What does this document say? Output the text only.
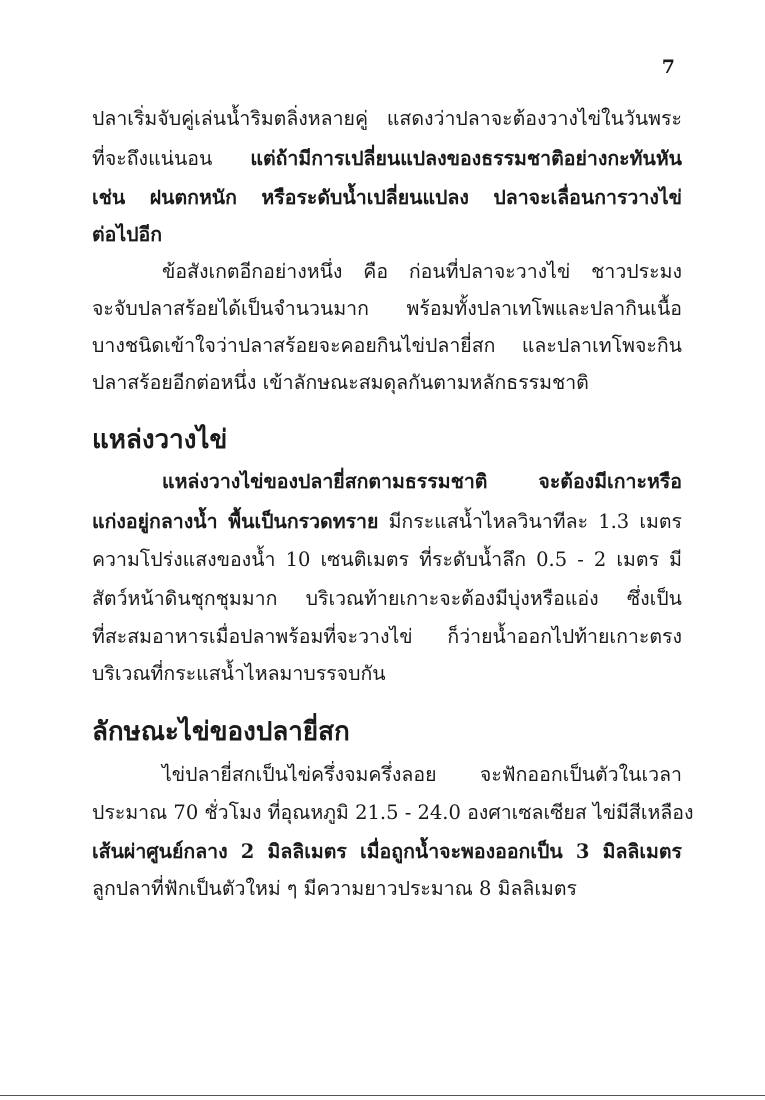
7
ปลาเริ่มจับคู่เล่นน้ำริมตลิ่งหลายคู่ แสดงว่าปลาจะต้องวางไข่ในวันพระ
ที่จะถึงแน่นอน แต่ถ้ามีการเปลี่ยนแปลงของธรรมชาติอย่างกะทันหัน
เช่น ฝนตกหนัก หรือระดับน้ำเปลี่ยนแปลง ปลาจะเลื่อนการวางไข่
ต่อไปอีก
ข้อสังเกตอีกอย่างหนึ่ง คือ ก่อนที่ปลาจะวางไข่ ชาวประมง
จะจับปลาสร้อยได้เป็นจำนวนมาก พร้อมทั้งปลาเทโพและปลากินเนื้อ
บางชนิดเข้าใจว่าปลาสร้อยจะคอยกินไข่ปลายี่สก และปลาเทโพจะกิน
ปลาสร้อยอีกต่อหนึ่ง เข้าลักษณะสมดุลกันตามหลักธรรมชาติ
แหล่งวางไข่
แหล่งวางไข่ของปลายี่สกตามธรรมชาติ จะต้องมีเกาะหรือ
แก่งอยู่กลางน้ำ พื้นเป็นกรวดทราย มีกระแสน้ำไหลวินาทีละ 1.3 เมตร
ความโปร่งแสงของน้ำ 10 เซนติเมตร ที่ระดับน้ำลึก 0.5 - 2 เมตร มี
สัตว์หน้าดินชุกชุมมาก บริเวณท้ายเกาะจะต้องมีบุ่งหรือแอ่ง ซึ่งเป็น
ที่สะสมอาหารเมื่อปลาพร้อมที่จะวางไข่ ก็ว่ายน้ำออกไปท้ายเกาะตรง
บริเวณที่กระแสน้ำไหลมาบรรจบกัน
ลักษณะไข่ของปลายี่สก
ไข่ปลายี่สกเป็นไข่ครึ่งจมครึ่งลอย จะฟักออกเป็นตัวในเวลา
ประมาณ 70 ชั่วโมง ที่อุณหภูมิ 21.5 - 24.0 องศาเซลเซียส ไข่มีสีเหลือง
เส้นผ่าศูนย์กลาง 2 มิลลิเมตร เมื่อถูกน้ำจะพองออกเป็น 3 มิลลิเมตร
ลูกปลาที่ฟักเป็นตัวใหม่ ๆ มีความยาวประมาณ 8 มิลลิเมตร
